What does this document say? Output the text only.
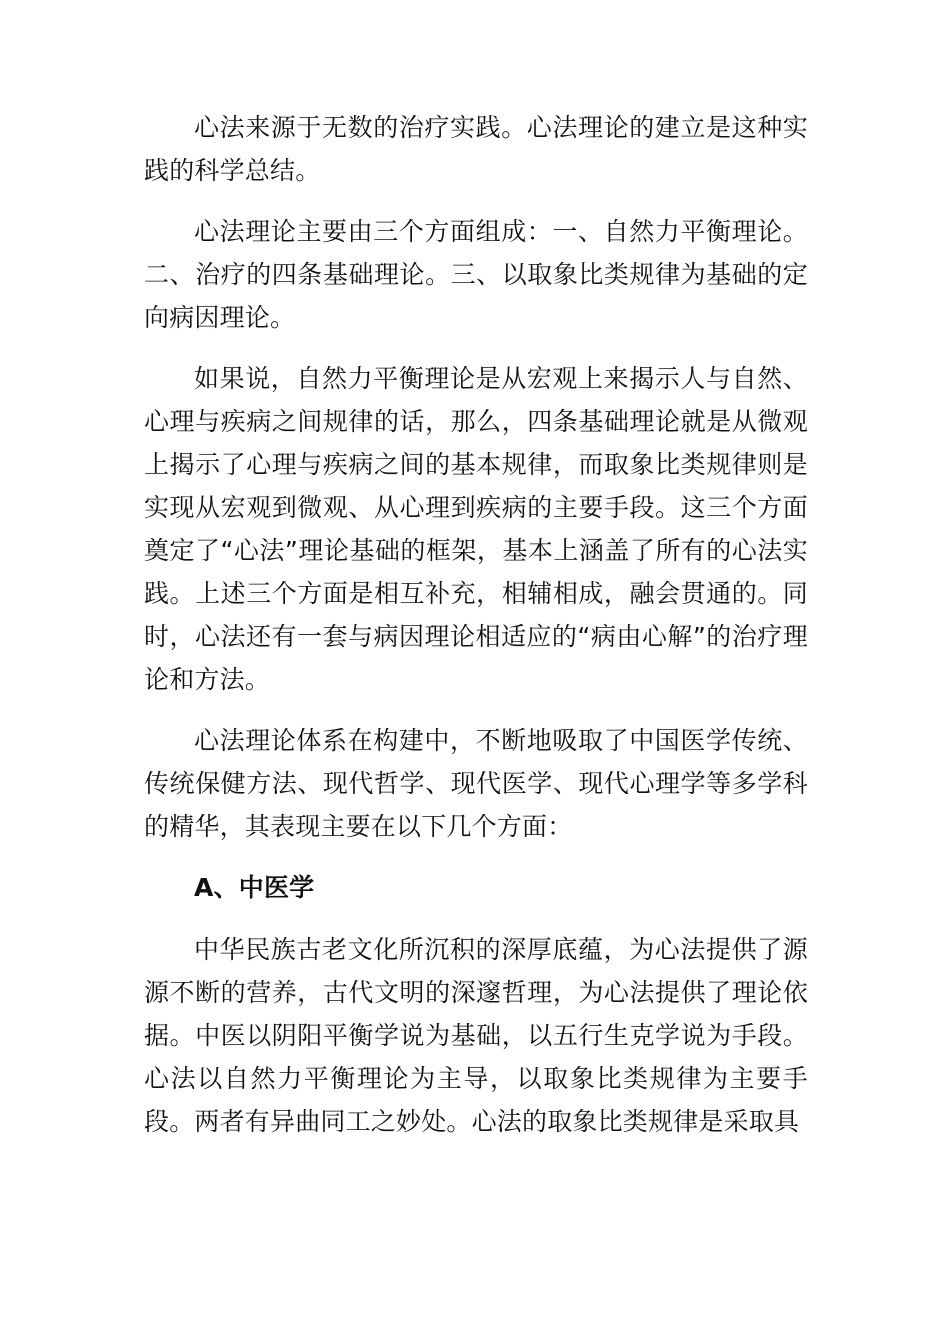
心法来源于无数的治疗实践。心法理论的建立是这种实践的科学总结。

心法理论主要由三个方面组成：一、自然力平衡理论。二、治疗的四条基础理论。三、以取象比类规律为基础的定向病因理论。

如果说，自然力平衡理论是从宏观上来揭示人与自然、心理与疾病之间规律的话，那么，四条基础理论就是从微观上揭示了心理与疾病之间的基本规律，而取象比类规律则是实现从宏观到微观、从心理到疾病的主要手段。这三个方面奠定了“心法”理论基础的框架，基本上涵盖了所有的心法实践。上述三个方面是相互补充，相辅相成，融会贯通的。同时，心法还有一套与病因理论相适应的“病由心解”的治疗理论和方法。

心法理论体系在构建中，不断地吸取了中国医学传统、传统保健方法、现代哲学、现代医学、现代心理学等多学科的精华，其表现主要在以下几个方面：

A、中医学

中华民族古老文化所沉积的深厚底蕴，为心法提供了源源不断的营养，古代文明的深邃哲理，为心法提供了理论依据。中医以阴阳平衡学说为基础，以五行生克学说为手段。心法以自然力平衡理论为主导，以取象比类规律为主要手段。两者有异曲同工之妙处。心法的取象比类规律是采取具
